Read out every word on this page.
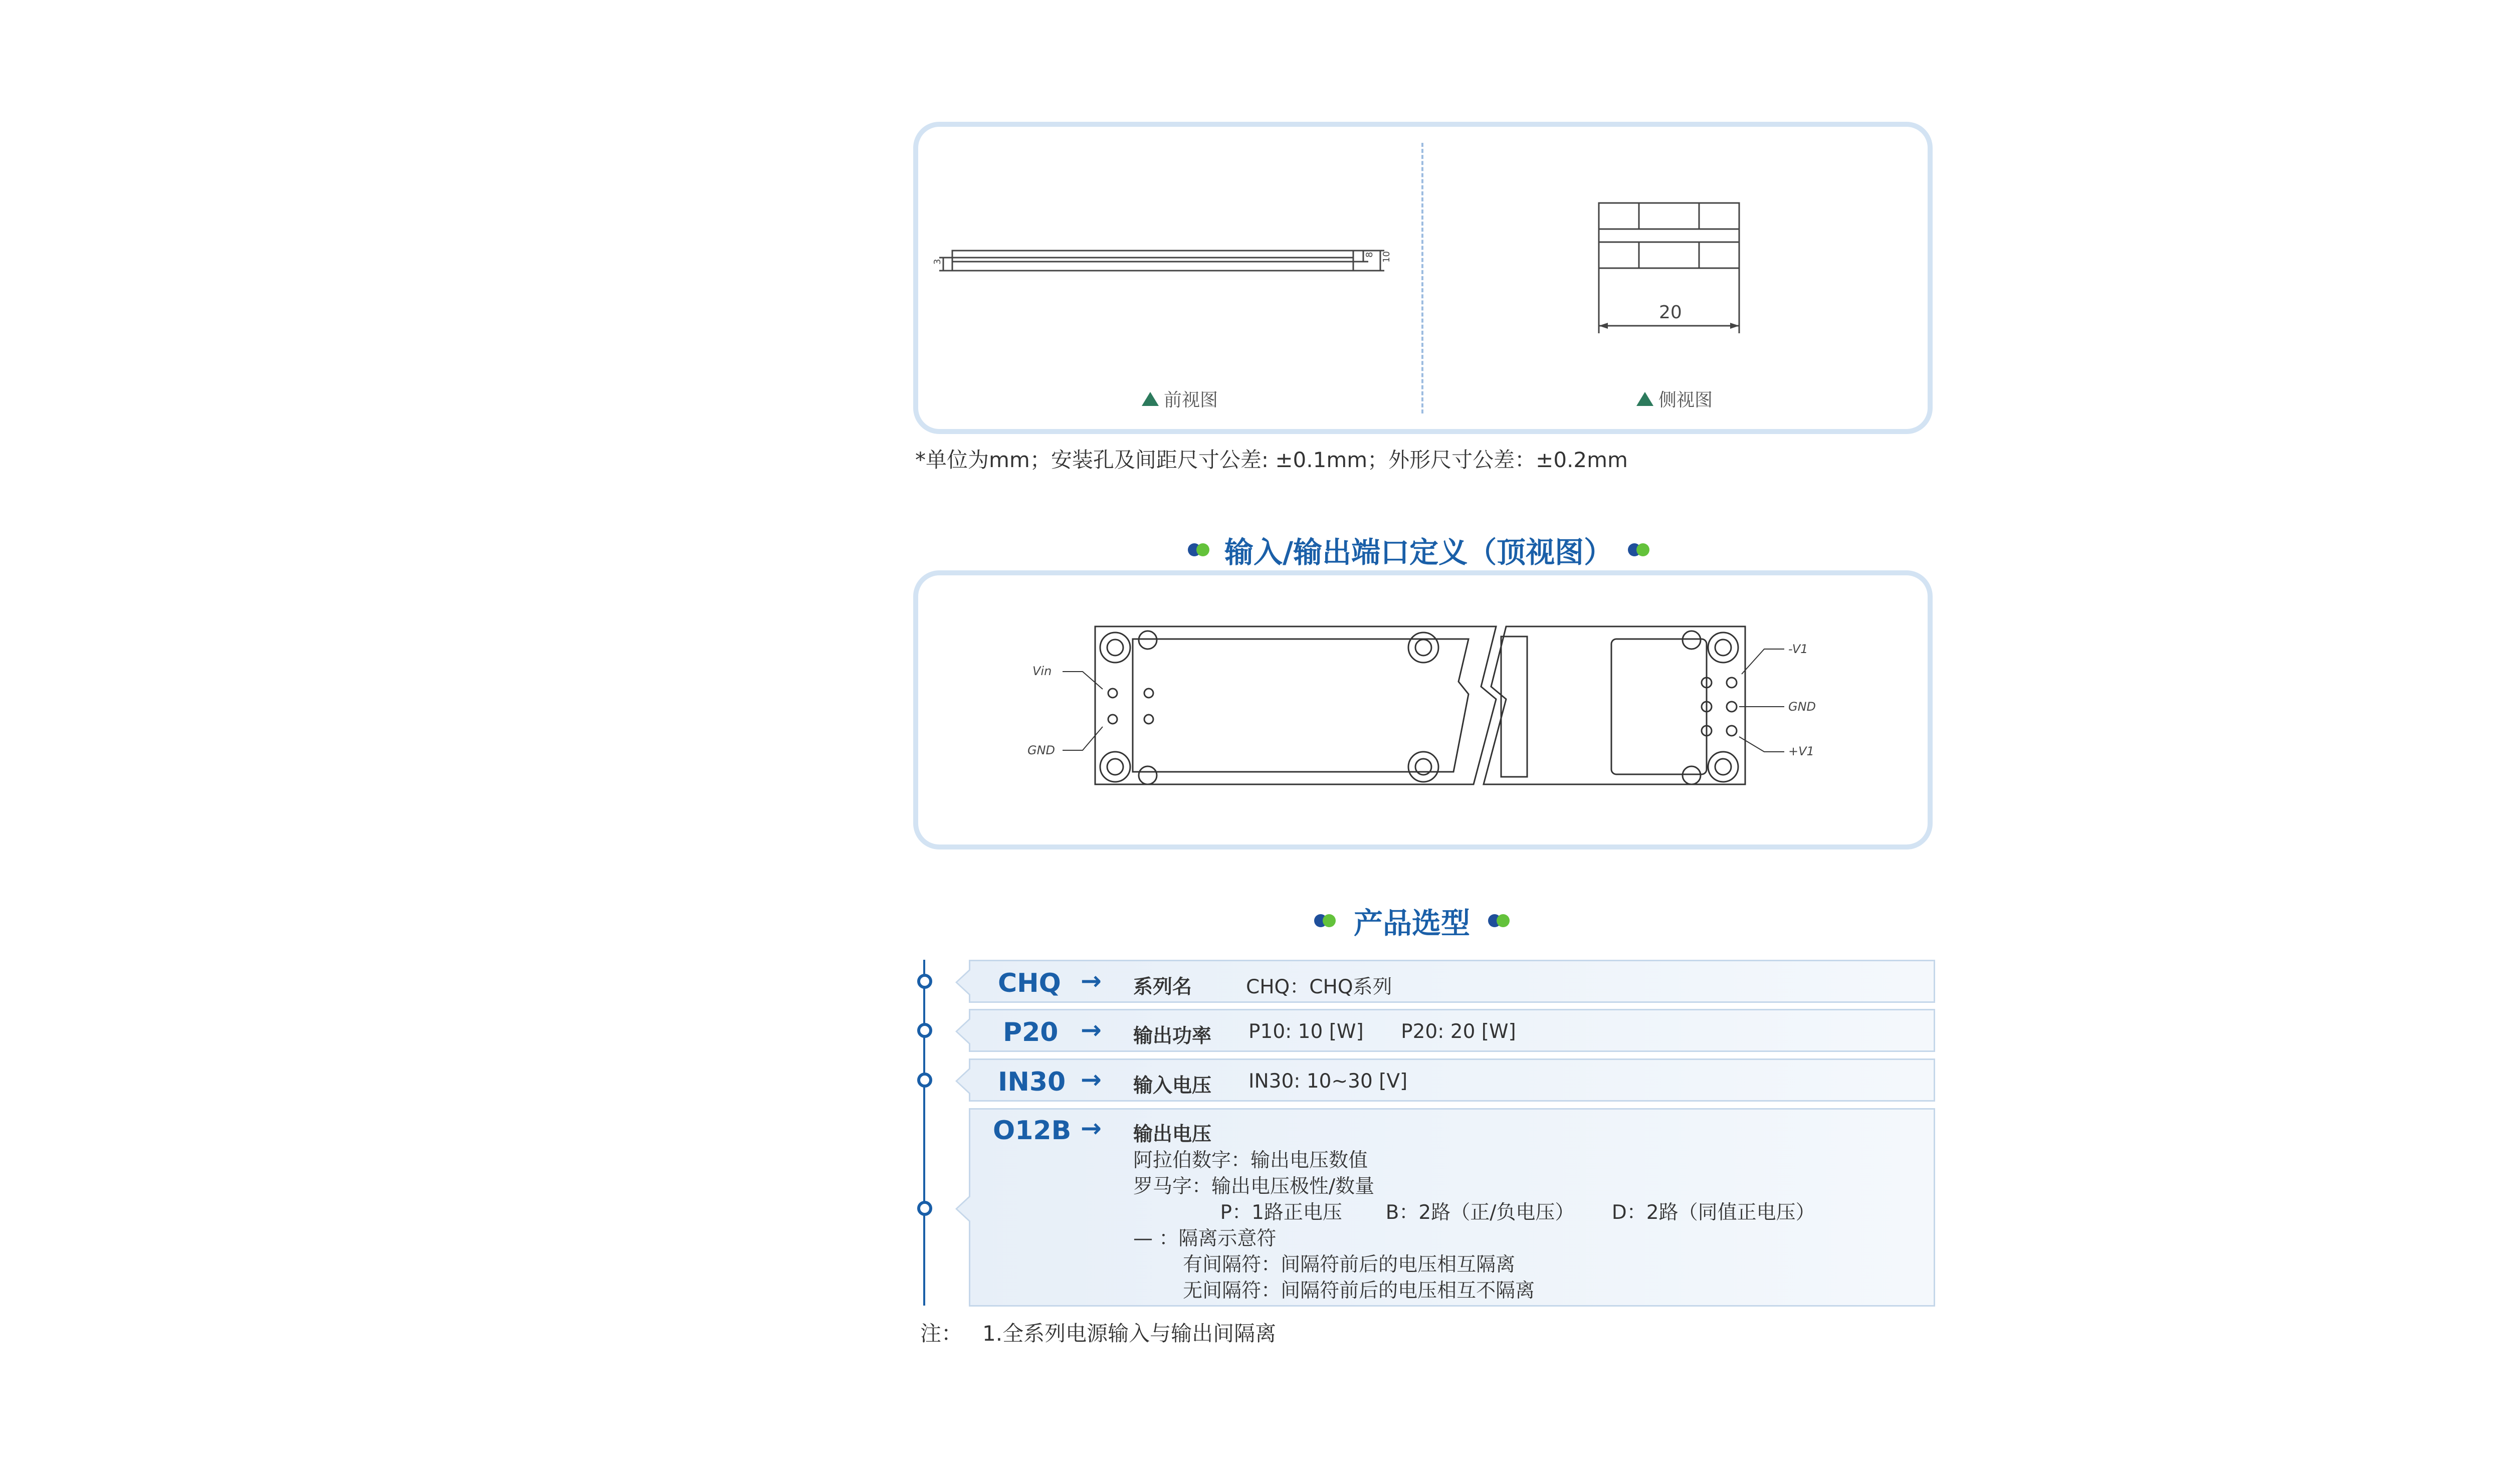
3
8 10
前视图
20
侧视图
*单位为mm；安装孔及间距尺寸公差: ±0.1mm；外形尺寸公差：±0.2mm
输入/输出端口定义（顶视图）
Vin
GND
-V1
GND
+V1
产品选型
CHQ → 系列名	CHQ：CHQ系列
P20 → 输出功率 P10: 10 [W]      P20: 20 [W]
IN30 → 输入电压 IN30: 10~30 [V]
O12B → 输出电压
阿拉伯数字：输出电压数值
罗马字：输出电压极性/数量
P：1路正电压       B：2路（正/负电压）      D：2路（同值正电压）
— ：隔离示意符
有间隔符：间隔符前后的电压相互隔离
无间隔符：间隔符前后的电压相互不隔离
注：   1.全系列电源输入与输出间隔离
